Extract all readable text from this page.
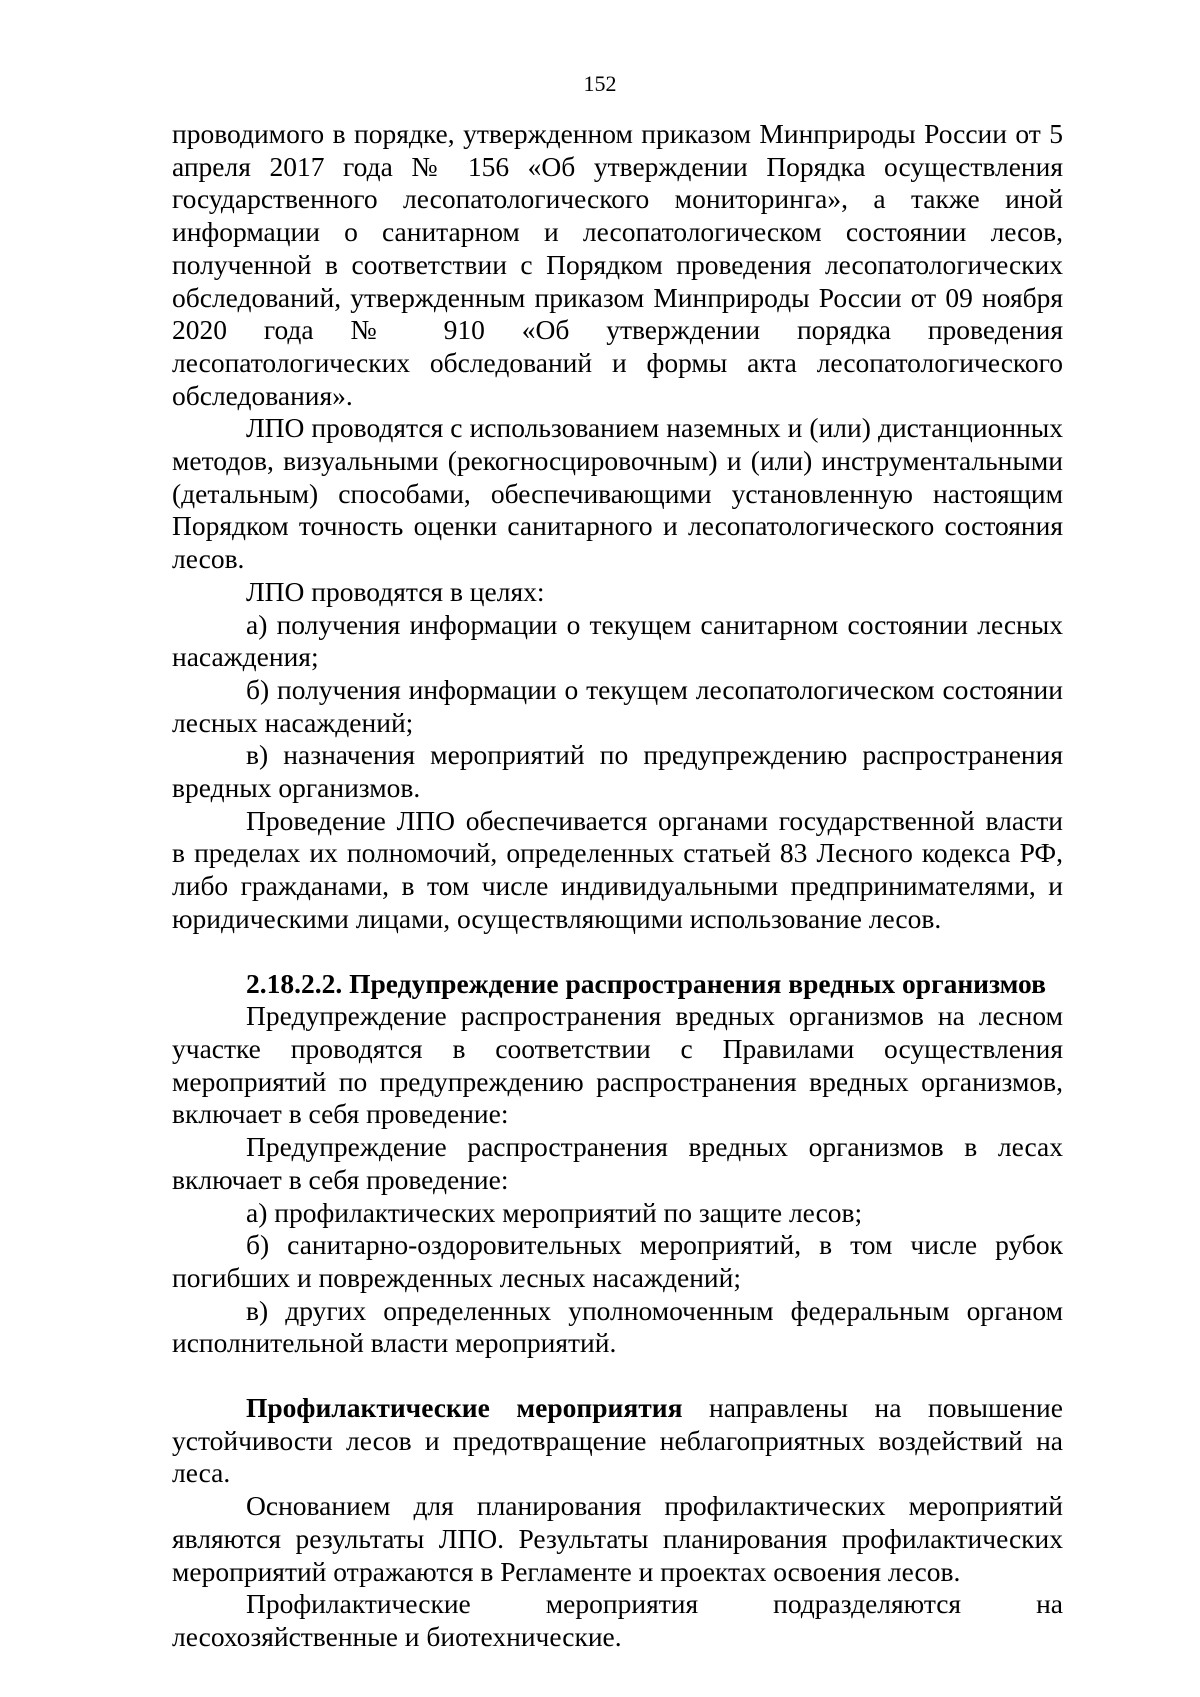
152

проводимого в порядке, утвержденном приказом Минприроды России от 5 апреля 2017 года № 156 «Об утверждении Порядка осуществления государственного лесопатологического мониторинга», а также иной информации о санитарном и лесопатологическом состоянии лесов, полученной в соответствии с Порядком проведения лесопатологических обследований, утвержденным приказом Минприроды России от 09 ноября 2020 года № 910 «Об утверждении порядка проведения лесопатологических обследований и формы акта лесопатологического обследования».

ЛПО проводятся с использованием наземных и (или) дистанционных методов, визуальными (рекогносцировочным) и (или) инструментальными (детальным) способами, обеспечивающими установленную настоящим Порядком точность оценки санитарного и лесопатологического состояния лесов.

ЛПО проводятся в целях:

а) получения информации о текущем санитарном состоянии лесных насаждения;

б) получения информации о текущем лесопатологическом состоянии лесных насаждений;

в) назначения мероприятий по предупреждению распространения вредных организмов.

Проведение ЛПО обеспечивается органами государственной власти в пределах их полномочий, определенных статьей 83 Лесного кодекса РФ, либо гражданами, в том числе индивидуальными предпринимателями, и юридическими лицами, осуществляющими использование лесов.

2.18.2.2. Предупреждение распространения вредных организмов

Предупреждение распространения вредных организмов на лесном участке проводятся в соответствии с Правилами осуществления мероприятий по предупреждению распространения вредных организмов, включает в себя проведение:

Предупреждение распространения вредных организмов в лесах включает в себя проведение:

а) профилактических мероприятий по защите лесов;

б) санитарно-оздоровительных мероприятий, в том числе рубок погибших и поврежденных лесных насаждений;

в) других определенных уполномоченным федеральным органом исполнительной власти мероприятий.

Профилактические мероприятия направлены на повышение устойчивости лесов и предотвращение неблагоприятных воздействий на леса.

Основанием для планирования профилактических мероприятий являются результаты ЛПО. Результаты планирования профилактических мероприятий отражаются в Регламенте и проектах освоения лесов.

Профилактические мероприятия подразделяются на лесохозяйственные и биотехнические.
